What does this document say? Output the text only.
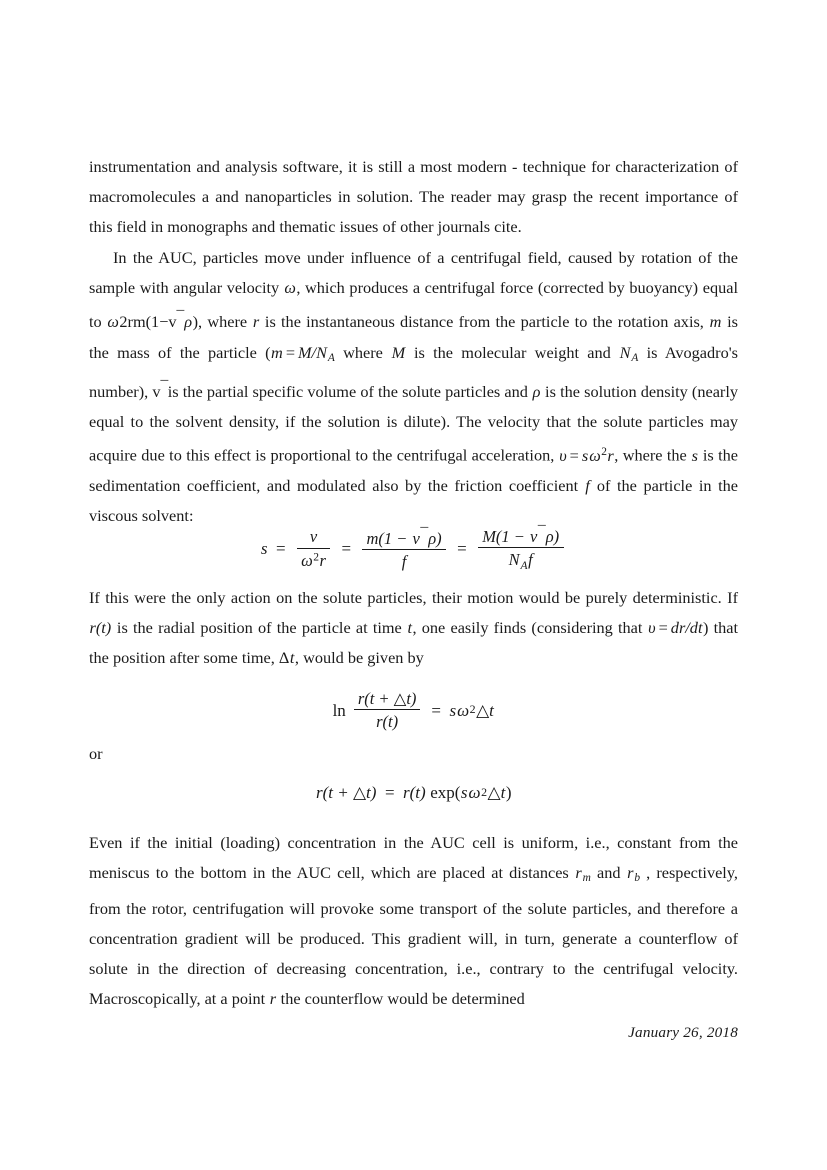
instrumentation and analysis software, it is still a most modern - technique for characterization of macromolecules a and nanoparticles in solution. The reader may grasp the recent importance of this field in monographs and thematic issues of other journals cite.

In the AUC, particles move under influence of a centrifugal field, caused by rotation of the sample with angular velocity ω, which produces a centrifugal force (corrected by buoyancy) equal to ω2rm(1−v¯ρ), where r is the instantaneous distance from the particle to the rotation axis, m is the mass of the particle ($m = M/N_A$ where M is the molecular weight and $N_A$ is Avogadro's number), v¯is the partial specific volume of the solute particles and ρ is the solution density (nearly equal to the solvent density, if the solution is dilute). The velocity that the solute particles may acquire due to this effect is proportional to the centrifugal acceleration, $\upsilon = s\omega^2r$, where the s is the sedimentation coefficient, and modulated also by the friction coefficient f of the particle in the viscous solvent:

$s = \frac{\nu}{\omega^2r} = \frac{m(1 - \nu¯\rho)}{f} = \frac{M(1 - \nu¯\rho)}{N_Af}$

If this were the only action on the solute particles, their motion would be purely deterministic. If r(t) is the radial position of the particle at time t, one easily finds (considering that υ = dr/dt) that the position after some time, Δt, would be given by

$\ln \frac{r(t + \triangle t)}{r(t)} = s$ ω 2 △t

or

r(t + △t) = r(t) exp ( s ω 2 △t )

Even if the initial (loading) concentration in the AUC cell is uniform, i.e., constant from the meniscus to the bottom in the AUC cell, which are placed at distances $r_m$ and $r_b$ , respectively, from the rotor, centrifugation will provoke some transport of the solute particles, and therefore a concentration gradient will be produced. This gradient will, in turn, generate a counterflow of solute in the direction of decreasing concentration, i.e., contrary to the centrifugal velocity. Macroscopically, at a point r the counterflow would be determined

January 26, 2018
